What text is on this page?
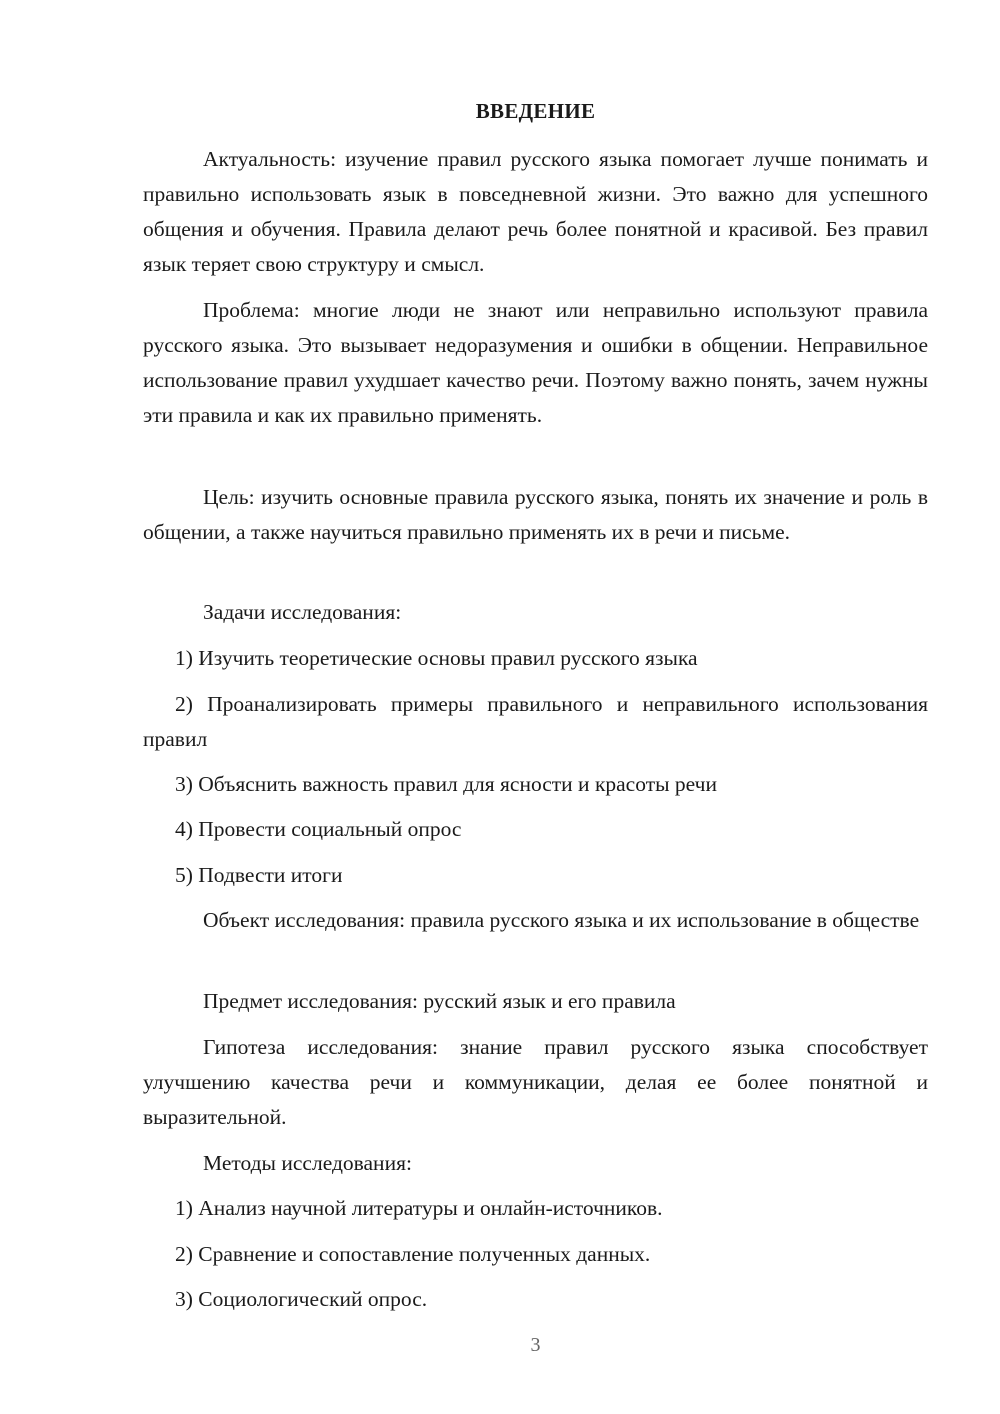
ВВЕДЕНИЕ

Актуальность: изучение правил русского языка помогает лучше понимать и правильно использовать язык в повседневной жизни. Это важно для успешного общения и обучения. Правила делают речь более понятной и красивой. Без правил язык теряет свою структуру и смысл.

Проблема: многие люди не знают или неправильно используют правила русского языка. Это вызывает недоразумения и ошибки в общении. Неправильное использование правил ухудшает качество речи. Поэтому важно понять, зачем нужны эти правила и как их правильно применять.

Цель: изучить основные правила русского языка, понять их значение и роль в общении, а также научиться правильно применять их в речи и письме.

Задачи исследования:

1) Изучить теоретические основы правил русского языка

2) Проанализировать примеры правильного и неправильного использования правил

3) Объяснить важность правил для ясности и красоты речи

4) Провести социальный опрос

5) Подвести итоги

Объект исследования: правила русского языка и их использование в обществе

Предмет исследования: русский язык и его правила

Гипотеза исследования: знание правил русского языка способствует улучшению качества речи и коммуникации, делая ее более понятной и выразительной.

Методы исследования:

1) Анализ научной литературы и онлайн-источников.

2) Сравнение и сопоставление полученных данных.

3) Социологический опрос.

3
